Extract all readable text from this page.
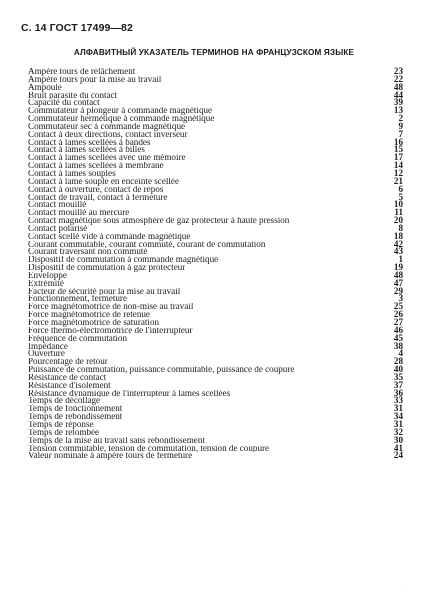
С. 14 ГОСТ 17499—82
АЛФАВИТНЫЙ УКАЗАТЕЛЬ ТЕРМИНОВ НА ФРАНЦУЗСКОМ ЯЗЫКЕ
Ampère tours de relâchement	23
Ampère tours pour la mise au travail	22
Ampoule	48
Bruit parasite du contact	44
Capacité du contact	39
Commutateur à plongeur à commande magnétique	13
Commutateur hermétique à commande magnétique	2
Commutateur sec à commande magnétique	9
Contact à deux directions, contact inverseur	7
Contact à lames scellées à bandes	16
Contact à lames scellées à billes	15
Contact à lames scellées avec une mémoire	17
Contact à lames scellées à membrane	14
Contact à lames souples	12
Contact à lame souple en enceinte scellée	21
Contact à ouverture, contact de repos	6
Contact de travail, contact à fermeture	5
Contact mouillé	10
Contact mouillé au mercure	11
Contact magnétique sous atmosphère de gaz protecteur à haute pression	20
Contact polarisé	8
Contact scellé vide à commande magnétique	18
Courant commutable, courant commuté, courant de commutation	42
Courant traversant non commuté	43
Dispositif de commutation à commande magnétique	1
Dispositif de commutation à gaz protecteur	19
Enveloppe	48
Extrémité	47
Facteur de sécurité pour la mise au travail	29
Fonctionnement, fermeture	3
Force magnétomotrice de non-mise au travail	25
Force magnétomotrice de retenue	26
Force magnétomotrice de saturation	27
Force thermo-électromotrice de l'interrupteur	46
Fréquence de commutation	45
Impédance	38
Ouverture	4
Pourcentage de retour	28
Puissance de commutation, puissance commutable, puissance de coupure	40
Résistance de contact	35
Résistance d'isolement	37
Résistance dynamique de l'interrupteur à lames scellées	36
Temps de décollage	33
Temps de fonctionnement	31
Temps de rebondissement	34
Temps de réponse	31
Temps de retombée	32
Temps de la mise au travail sans rebondissement	30
Tension commutable, tension de commutation, tension de coupure	41
Valeur nominale à ampère tours de fermeture	24
·
